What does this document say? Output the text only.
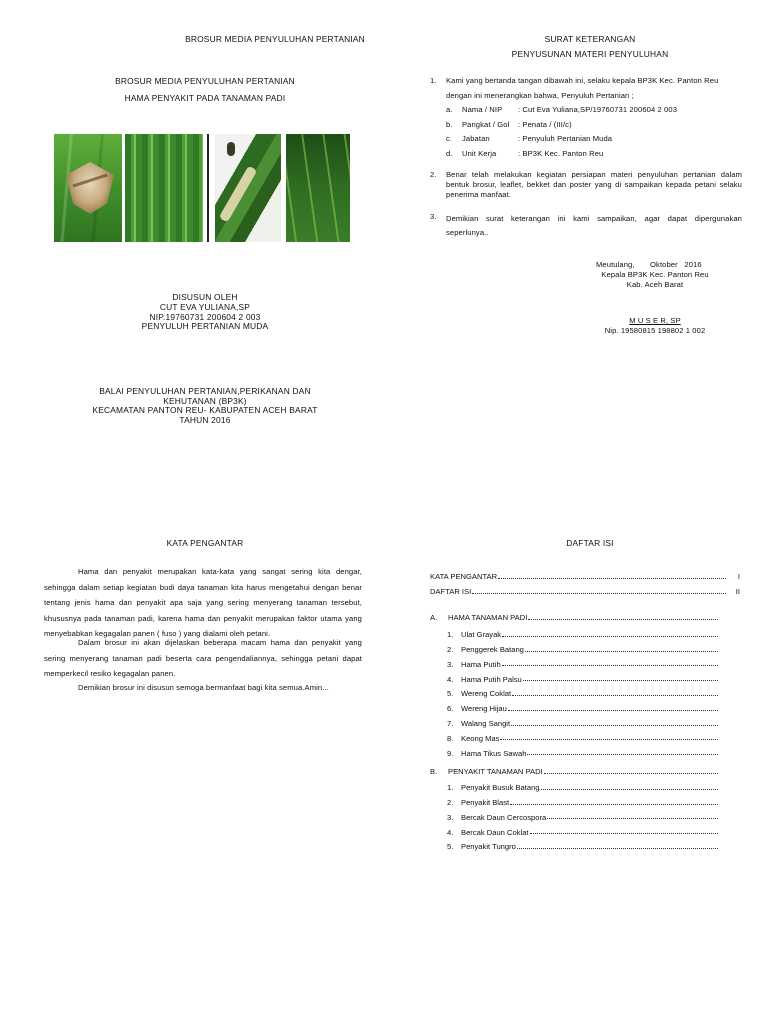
BROSUR MEDIA PENYULUHAN PERTANIAN
BROSUR MEDIA PENYULUHAN PERTANIAN
HAMA PENYAKIT PADA TANAMAN PADI
DISUSUN OLEH
CUT EVA YULIANA,SP
NIP.19760731 200604 2 003
PENYULUH PERTANIAN MUDA
BALAI PENYULUHAN PERTANIAN,PERIKANAN DAN
KEHUTANAN (BP3K)
KECAMATAN PANTON REU- KABUPATEN ACEH BARAT
TAHUN 2016
SURAT KETERANGAN
PENYUSUNAN MATERI PENYULUHAN
1. Kami yang bertanda tangan dibawah ini, selaku kepala BP3K Kec. Panton Reu
dengan ini menerangkan bahwa, Penyuluh Pertanian ;
a. Nama / NIP : Cut Eva Yuliana,SP/19760731 200604 2 003
b. Pangkat / Gol : Penata / (III/c)
c. Jabatan	: Penyuluh Pertanian Muda
d. Unit Kerja	: BP3K Kec. Panton Reu
2. Benar telah melakukan kegiatan persiapan materi penyuluhan pertanian dalam bentuk brosur, leaflet, bekket dan poster yang di sampaikan kepada petani selaku penerima manfaat.
3. Demikian surat keterangan ini kami sampaikan, agar dapat dipergunakan seperlunya..
Meutulang,       Oktober   2016
Kepala BP3K Kec. Panton Reu
Kab. Aceh Barat
M U S E R, SP
Nip. 19580815 198802 1 002
KATA PENGANTAR
Hama dan penyakit merupakan kata-kata yang sangat sering kita dengar, sehingga dalam setiap kegiatan budi daya tanaman kita harus mengetahui dengan benar tentang jenis hama dan penyakit apa saja yang sering menyerang tanaman tersebut, khususnya pada tanaman padi, karena hama dan penyakit merupakan faktor utama yang menyebabkan kegagalan panen ( fuso ) yang dialami oleh petani.
Dalam brosur ini akan dijelaskan beberapa macam hama dan penyakit yang sering menyerang tanaman padi beserta cara pengendaliannya, sehingga petani dapat memperkecil resiko kegagalan panen.
Demikian brosur ini disusun semoga bermanfaat bagi kita semua.Amin...
DAFTAR ISI
KATA PENGANTAR	I
DAFTAR ISI	II
A.	HAMA TANAMAN PADI
1.	Ulat Grayak
2.	Penggerek Batang
3.	Hama Putih
4.	Hama Putih Palsu
5.	Wereng Coklat
6.	Wereng Hijau
7.	Walang Sangit
8.	Keong Mas
9.	Hama Tikus Sawah
B.	PENYAKIT TANAMAN PADI
1.	Penyakit Busuk Batang
2.	Penyakit Blast
3.	Bercak Daun Cercospora
4.	Bercak Daun Coklat
5.	Penyakit Tungro
